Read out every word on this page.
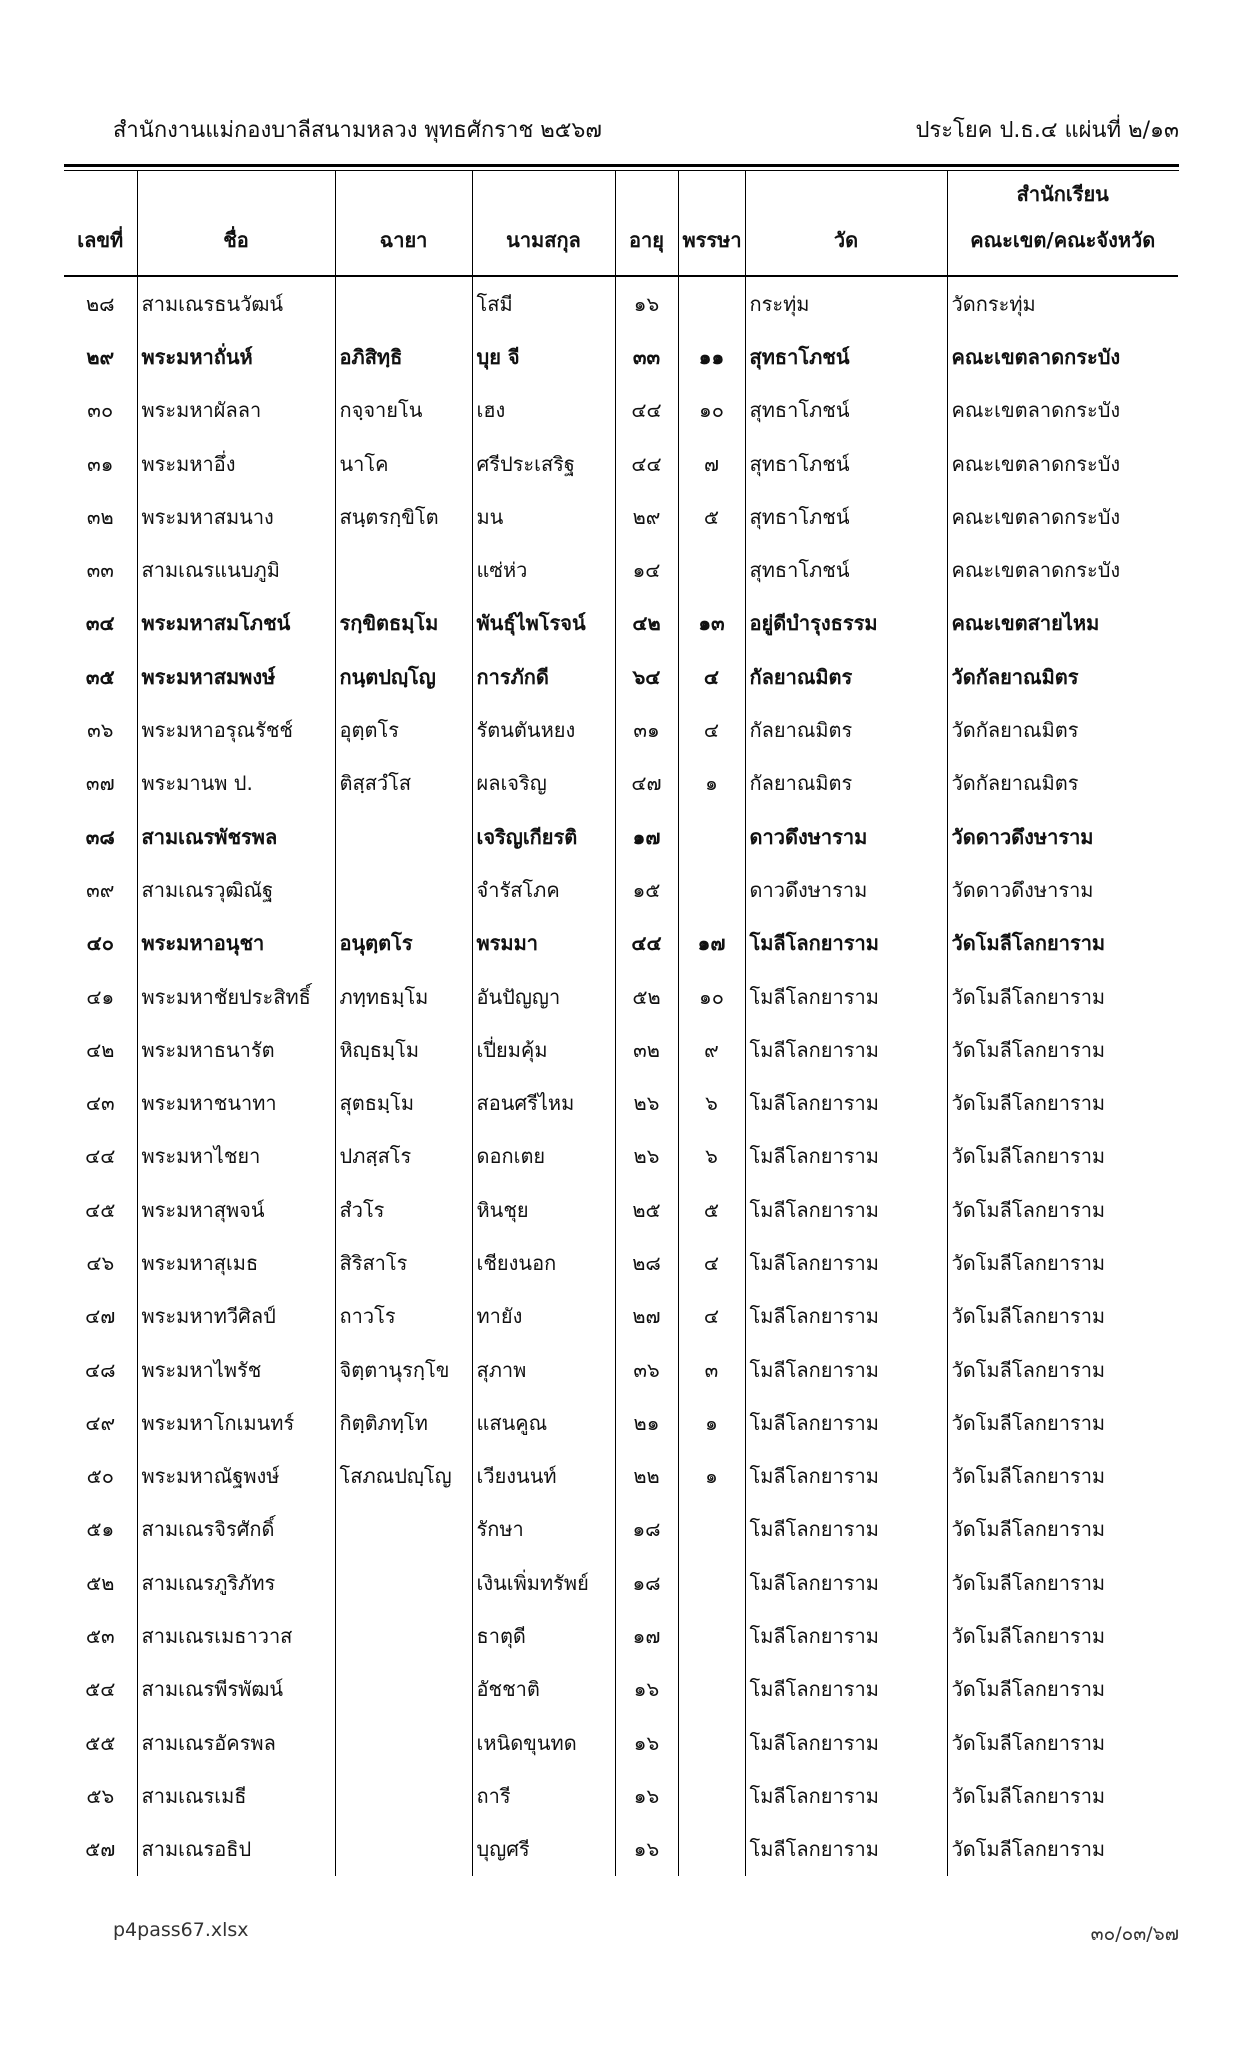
สำนักงานแม่กองบาลีสนามหลวง พุทธศักราช ๒๕๖๗	ประโยค ป.ธ.๔ แผ่นที่ ๒/๑๓
เลขที่	ชื่อ	ฉายา	นามสกุล	อายุ	พรรษา	วัด	สำนักเรียน
คณะเขต/คณะจังหวัด

๒๘	สามเณรธนวัฒน์		โสมี	๑๖		กระทุ่ม	วัดกระทุ่ม
๒๙	พระมหาถั่นห์	อภิสิทฺธิ	บุย จี	๓๓	๑๑	สุทธาโภชน์	คณะเขตลาดกระบัง
๓๐	พระมหาผัลลา	กจฺจายโน	เฮง	๔๔	๑๐	สุทธาโภชน์	คณะเขตลาดกระบัง
๓๑	พระมหาอึ่ง	นาโค	ศรีประเสริฐ	๔๔	๗	สุทธาโภชน์	คณะเขตลาดกระบัง
๓๒	พระมหาสมนาง	สนฺตรกฺขิโต	มน	๒๙	๕	สุทธาโภชน์	คณะเขตลาดกระบัง
๓๓	สามเณรแนบภูมิ		แซ่ห่ว	๑๔		สุทธาโภชน์	คณะเขตลาดกระบัง
๓๔	พระมหาสมโภชน์	รกฺขิตธมฺโม	พันธุ์ไพโรจน์	๔๒	๑๓	อยู่ดีบำรุงธรรม	คณะเขตสายไหม
๓๕	พระมหาสมพงษ์	กนฺตปญฺโญ	การภักดี	๖๔	๔	กัลยาณมิตร	วัดกัลยาณมิตร
๓๖	พระมหาอรุณรัชช์	อุตฺตโร	รัตนตันหยง	๓๑	๔	กัลยาณมิตร	วัดกัลยาณมิตร
๓๗	พระมานพ ป.	ติสฺสวํโส	ผลเจริญ	๔๗	๑	กัลยาณมิตร	วัดกัลยาณมิตร
๓๘	สามเณรพัชรพล		เจริญเกียรติ	๑๗		ดาวดึงษาราม	วัดดาวดึงษาราม
๓๙	สามเณรวุฒิณัฐ		จำรัสโภค	๑๕		ดาวดึงษาราม	วัดดาวดึงษาราม
๔๐	พระมหาอนุชา	อนุตฺตโร	พรมมา	๔๔	๑๗	โมลีโลกยาราม	วัดโมลีโลกยาราม
๔๑	พระมหาชัยประสิทธิ์	ภทฺทธมฺโม	อันปัญญา	๕๒	๑๐	โมลีโลกยาราม	วัดโมลีโลกยาราม
๔๒	พระมหาธนารัต	หิญฺธมฺโม	เปี่ยมคุ้ม	๓๒	๙	โมลีโลกยาราม	วัดโมลีโลกยาราม
๔๓	พระมหาชนาทา	สุตธมฺโม	สอนศรีไหม	๒๖	๖	โมลีโลกยาราม	วัดโมลีโลกยาราม
๔๔	พระมหาไชยา	ปภสฺสโร	ดอกเตย	๒๖	๖	โมลีโลกยาราม	วัดโมลีโลกยาราม
๔๕	พระมหาสุพจน์	สํวโร	หินชุย	๒๕	๕	โมลีโลกยาราม	วัดโมลีโลกยาราม
๔๖	พระมหาสุเมธ	สิริสาโร	เชียงนอก	๒๘	๔	โมลีโลกยาราม	วัดโมลีโลกยาราม
๔๗	พระมหาทวีศิลป์	ถาวโร	ทายัง	๒๗	๔	โมลีโลกยาราม	วัดโมลีโลกยาราม
๔๘	พระมหาไพรัช	จิตฺตานุรกฺโข	สุภาพ	๓๖	๓	โมลีโลกยาราม	วัดโมลีโลกยาราม
๔๙	พระมหาโกเมนทร์	กิตฺติภทฺโท	แสนคูณ	๒๑	๑	โมลีโลกยาราม	วัดโมลีโลกยาราม
๕๐	พระมหาณัฐพงษ์	โสภณปญฺโญ	เวียงนนท์	๒๒	๑	โมลีโลกยาราม	วัดโมลีโลกยาราม
๕๑	สามเณรจิรศักดิ์		รักษา	๑๘		โมลีโลกยาราม	วัดโมลีโลกยาราม
๕๒	สามเณรภูริภัทร		เงินเพิ่มทรัพย์	๑๘		โมลีโลกยาราม	วัดโมลีโลกยาราม
๕๓	สามเณรเมธาวาส		ธาตุดี	๑๗		โมลีโลกยาราม	วัดโมลีโลกยาราม
๕๔	สามเณรพีรพัฒน์		อัชชาติ	๑๖		โมลีโลกยาราม	วัดโมลีโลกยาราม
๕๕	สามเณรอัครพล		เหนิดขุนทด	๑๖		โมลีโลกยาราม	วัดโมลีโลกยาราม
๕๖	สามเณรเมธี		ถารี	๑๖		โมลีโลกยาราม	วัดโมลีโลกยาราม
๕๗	สามเณรอธิป		บุญศรี	๑๖		โมลีโลกยาราม	วัดโมลีโลกยาราม
p4pass67.xlsx	๓๐/๐๓/๖๗
